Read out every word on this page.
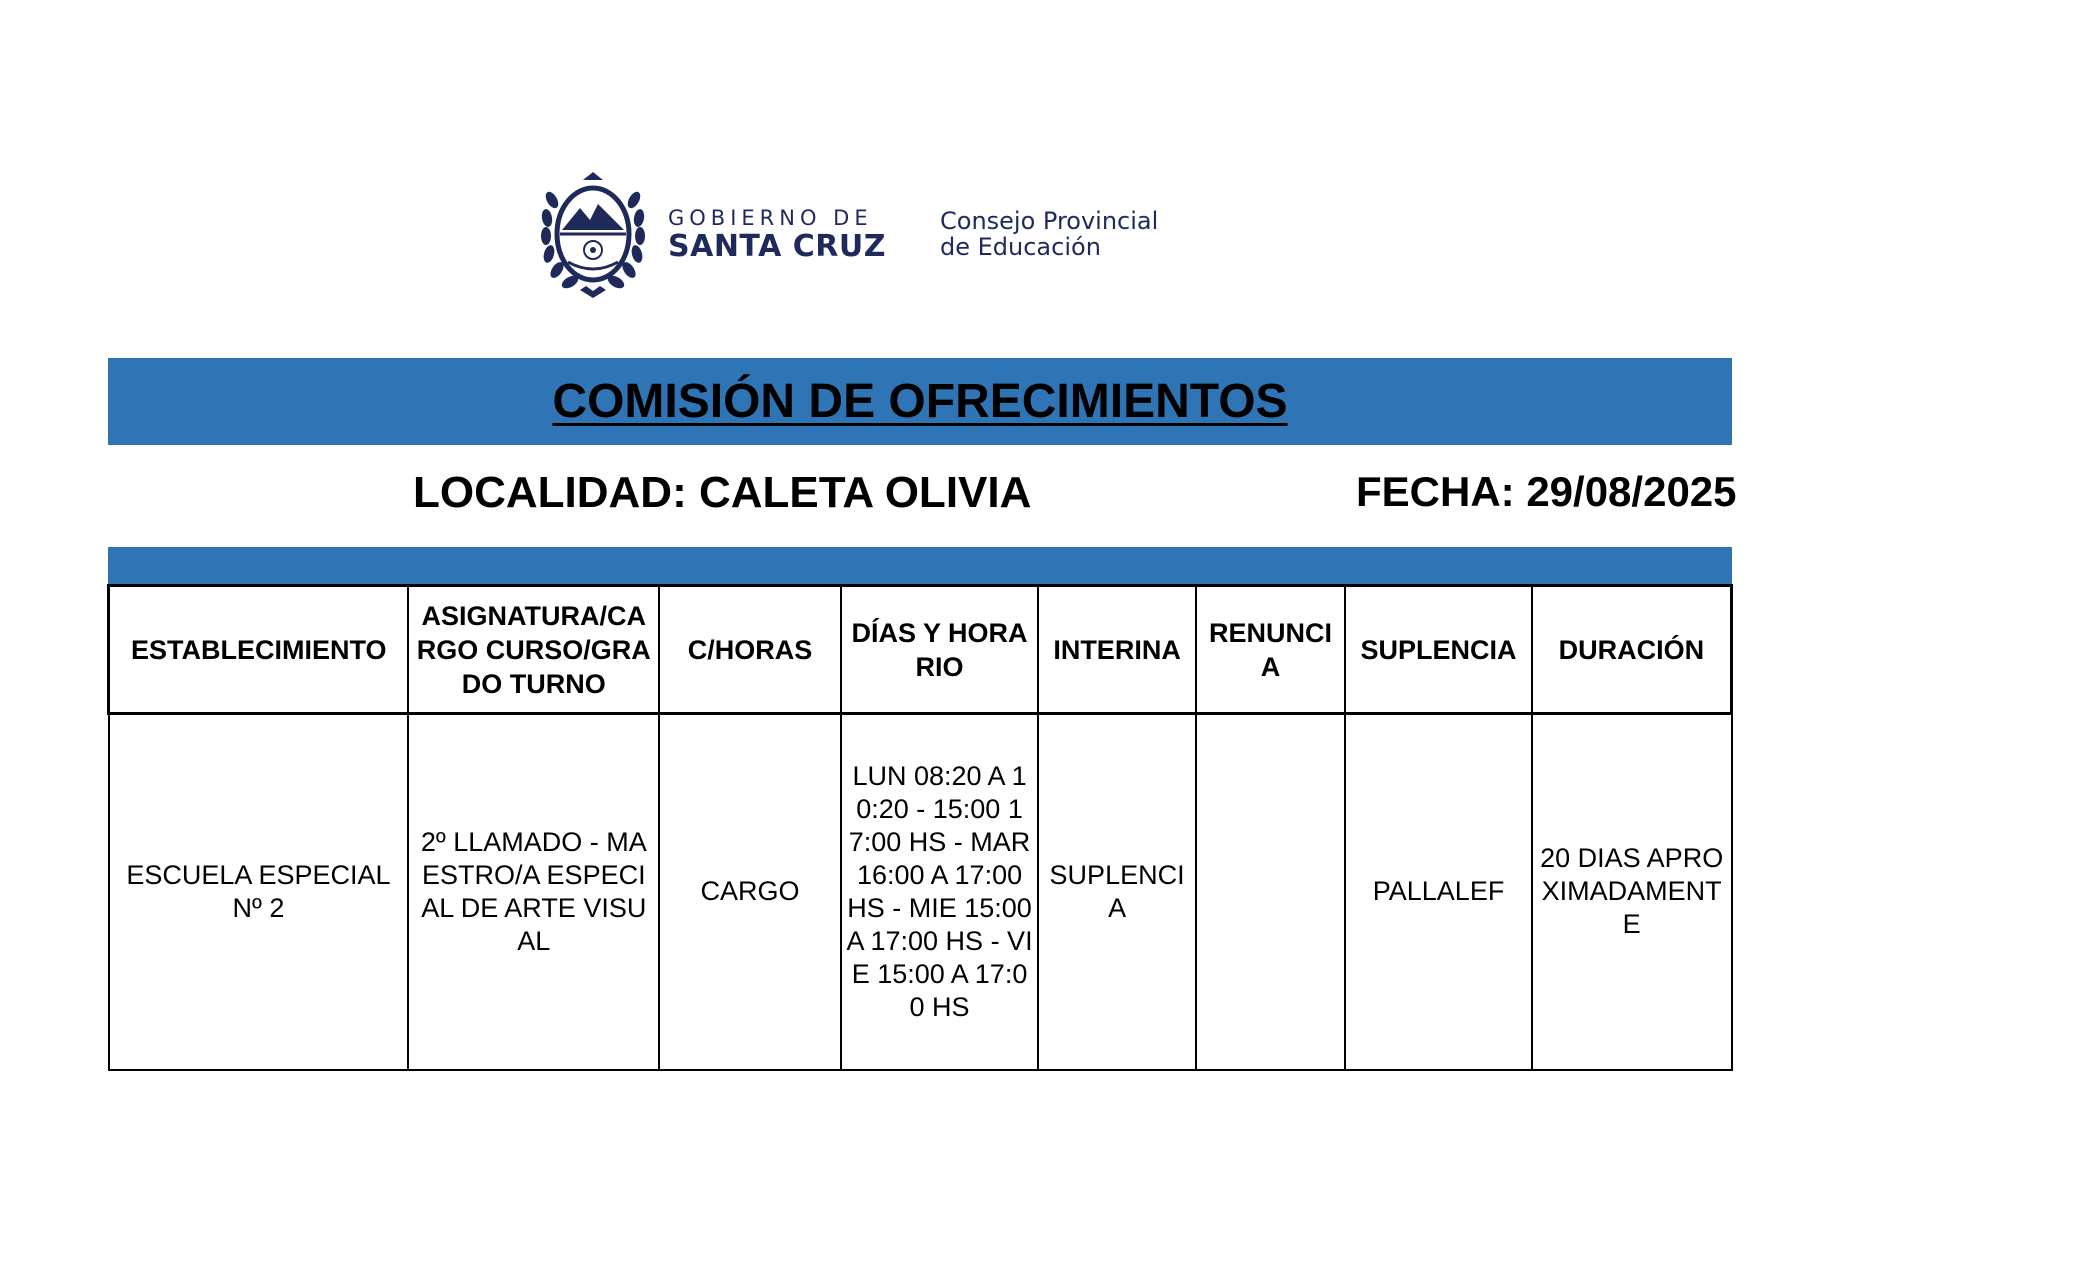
GOBIERNO DE
SANTA CRUZ
Consejo Provincial
de Educación
COMISIÓN DE OFRECIMIENTOS
LOCALIDAD: CALETA OLIVIA	FECHA: 29/08/2025
ESTABLECIMIENTO	ASIGNATURA/CARGO CURSO/GRADO TURNO	C/HORAS	DÍAS Y HORARIO	INTERINA	RENUNCIA	SUPLENCIA	DURACIÓN
ESCUELA ESPECIAL Nº 2	2º LLAMADO - MAESTRO/A ESPECIAL DE ARTE VISUAL	CARGO	LUN 08:20 A 10:20 - 15:00 17:00 HS - MAR 16:00 A 17:00 HS - MIE 15:00 A 17:00 HS - VIE 15:00 A 17:00 HS	SUPLENCIA		PALLALEF	20 DIAS APROXIMADAMENTE
